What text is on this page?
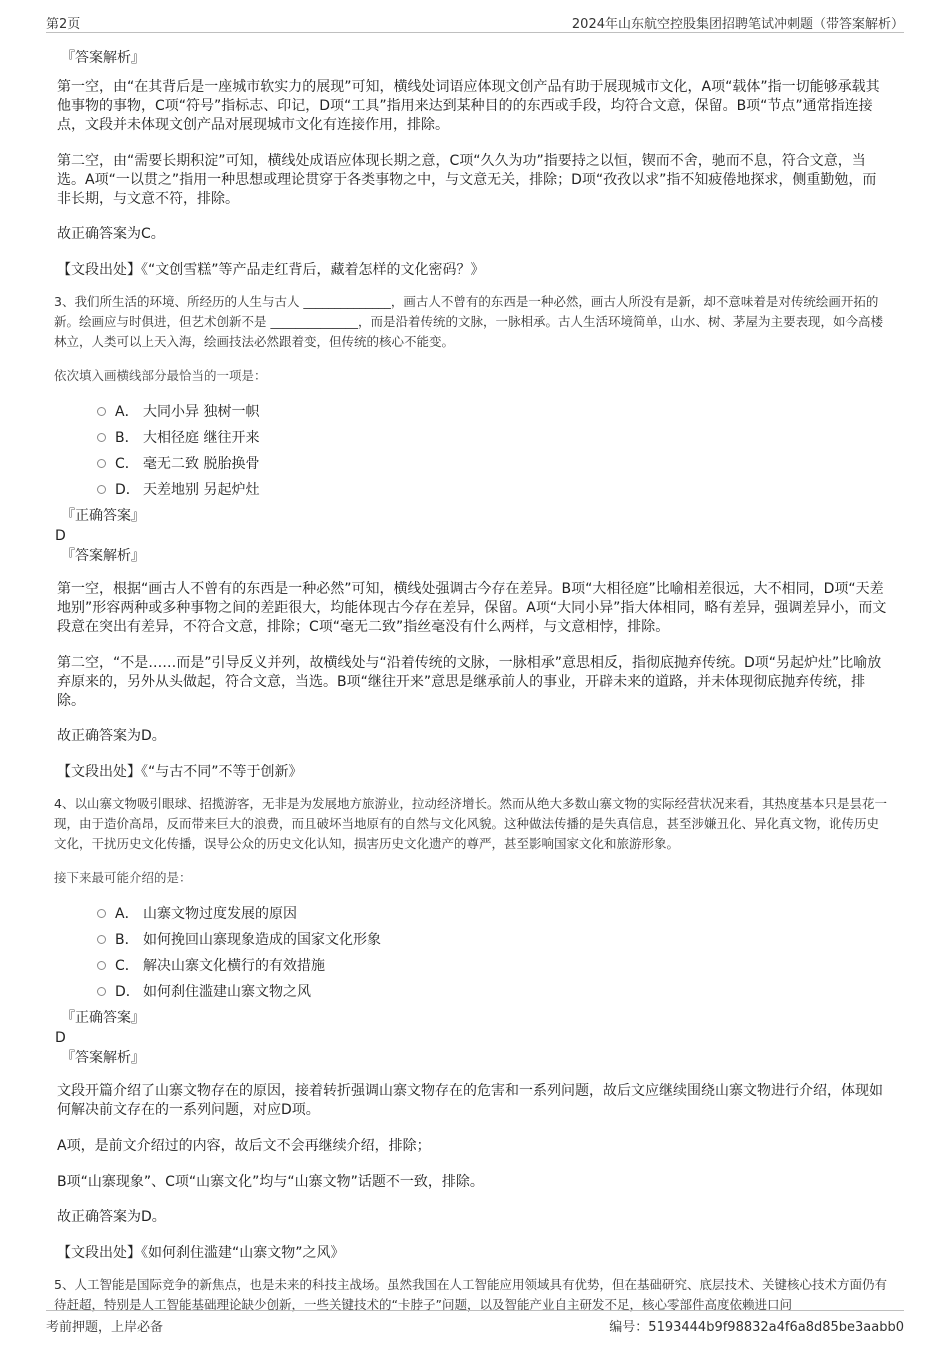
第2页	2024年山东航空控股集团招聘笔试冲刺题（带答案解析）

『答案解析』

第一空，由“在其背后是一座城市软实力的展现”可知，横线处词语应体现文创产品有助于展现城市文化，A项“载体”指一切能够承载其他事物的事物，C项“符号”指标志、印记，D项“工具”指用来达到某种目的的东西或手段，均符合文意，保留。B项“节点”通常指连接点，文段并未体现文创产品对展现城市文化有连接作用，排除。

第二空，由“需要长期积淀”可知，横线处成语应体现长期之意，C项“久久为功”指要持之以恒，锲而不舍，驰而不息，符合文意，当选。A项“一以贯之”指用一种思想或理论贯穿于各类事物之中，与文意无关，排除；D项“孜孜以求”指不知疲倦地探求，侧重勤勉，而非长期，与文意不符，排除。

故正确答案为C。

【文段出处】《“文创雪糕”等产品走红背后，藏着怎样的文化密码？》

3、我们所生活的环境、所经历的人生与古人 ______________，画古人不曾有的东西是一种必然，画古人所没有是新，却不意味着是对传统绘画开拓的新。绘画应与时俱进，但艺术创新不是 ______________，而是沿着传统的文脉，一脉相承。古人生活环境简单，山水、树、茅屋为主要表现，如今高楼林立，人类可以上天入海，绘画技法必然跟着变，但传统的核心不能变。

依次填入画横线部分最恰当的一项是：

A． 大同小异 独树一帜
B． 大相径庭 继往开来
C． 毫无二致 脱胎换骨
D． 天差地别 另起炉灶

『正确答案』

D

『答案解析』

第一空，根据“画古人不曾有的东西是一种必然”可知，横线处强调古今存在差异。B项“大相径庭”比喻相差很远，大不相同，D项“天差地别”形容两种或多种事物之间的差距很大，均能体现古今存在差异，保留。A项“大同小异”指大体相同，略有差异，强调差异小，而文段意在突出有差异，不符合文意，排除；C项“毫无二致”指丝毫没有什么两样，与文意相悖，排除。

第二空，“不是……而是”引导反义并列，故横线处与“沿着传统的文脉，一脉相承”意思相反，指彻底抛弃传统。D项“另起炉灶”比喻放弃原来的，另外从头做起，符合文意，当选。B项“继往开来”意思是继承前人的事业，开辟未来的道路，并未体现彻底抛弃传统，排除。

故正确答案为D。

【文段出处】《“与古不同”不等于创新》

4、以山寨文物吸引眼球、招揽游客，无非是为发展地方旅游业，拉动经济增长。然而从绝大多数山寨文物的实际经营状况来看，其热度基本只是昙花一现，由于造价高昂，反而带来巨大的浪费，而且破坏当地原有的自然与文化风貌。这种做法传播的是失真信息，甚至涉嫌丑化、异化真文物，讹传历史文化，干扰历史文化传播，误导公众的历史文化认知，损害历史文化遗产的尊严，甚至影响国家文化和旅游形象。

接下来最可能介绍的是：

A． 山寨文物过度发展的原因
B． 如何挽回山寨现象造成的国家文化形象
C． 解决山寨文化横行的有效措施
D． 如何刹住滥建山寨文物之风

『正确答案』

D

『答案解析』

文段开篇介绍了山寨文物存在的原因，接着转折强调山寨文物存在的危害和一系列问题，故后文应继续围绕山寨文物进行介绍，体现如何解决前文存在的一系列问题，对应D项。

A项，是前文介绍过的内容，故后文不会再继续介绍，排除；

B项“山寨现象”、C项“山寨文化”均与“山寨文物”话题不一致，排除。

故正确答案为D。

【文段出处】《如何刹住滥建“山寨文物”之风》

5、人工智能是国际竞争的新焦点，也是未来的科技主战场。虽然我国在人工智能应用领域具有优势，但在基础研究、底层技术、关键核心技术方面仍有待赶超，特别是人工智能基础理论缺少创新，一些关键技术的“卡脖子”问题，以及智能产业自主研发不足，核心零部件高度依赖进口问

考前押题，上岸必备	编号：5193444b9f98832a4f6a8d85be3aabb0
